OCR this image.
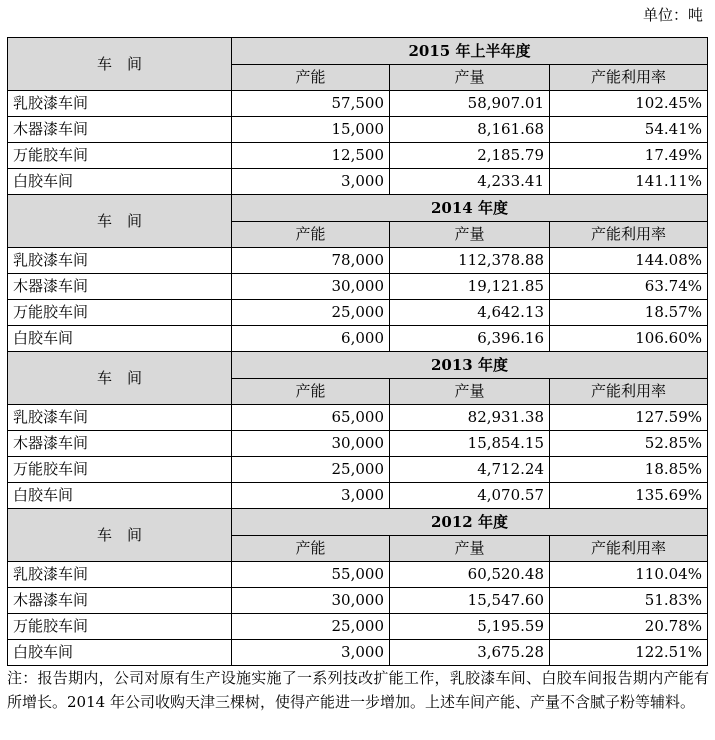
单位：吨
车　间	2015 年上半年度		
	产能	产量	产能利用率
乳胶漆车间	57,500	58,907.01	102.45%
木器漆车间	15,000	8,161.68	54.41%
万能胶车间	12,500	2,185.79	17.49%
白胶车间	3,000	4,233.41	141.11%
车　间	2014 年度		
	产能	产量	产能利用率
乳胶漆车间	78,000	112,378.88	144.08%
木器漆车间	30,000	19,121.85	63.74%
万能胶车间	25,000	4,642.13	18.57%
白胶车间	6,000	6,396.16	106.60%
车　间	2013 年度		
	产能	产量	产能利用率
乳胶漆车间	65,000	82,931.38	127.59%
木器漆车间	30,000	15,854.15	52.85%
万能胶车间	25,000	4,712.24	18.85%
白胶车间	3,000	4,070.57	135.69%
车　间	2012 年度		
	产能	产量	产能利用率
乳胶漆车间	55,000	60,520.48	110.04%
木器漆车间	30,000	15,547.60	51.83%
万能胶车间	25,000	5,195.59	20.78%
白胶车间	3,000	3,675.28	122.51%
注：报告期内，公司对原有生产设施实施了一系列技改扩能工作，乳胶漆车间、白胶车间报告期内产能有所增长。2014 年公司收购天津三棵树，使得产能进一步增加。上述车间产能、产量不含腻子粉等辅料。
